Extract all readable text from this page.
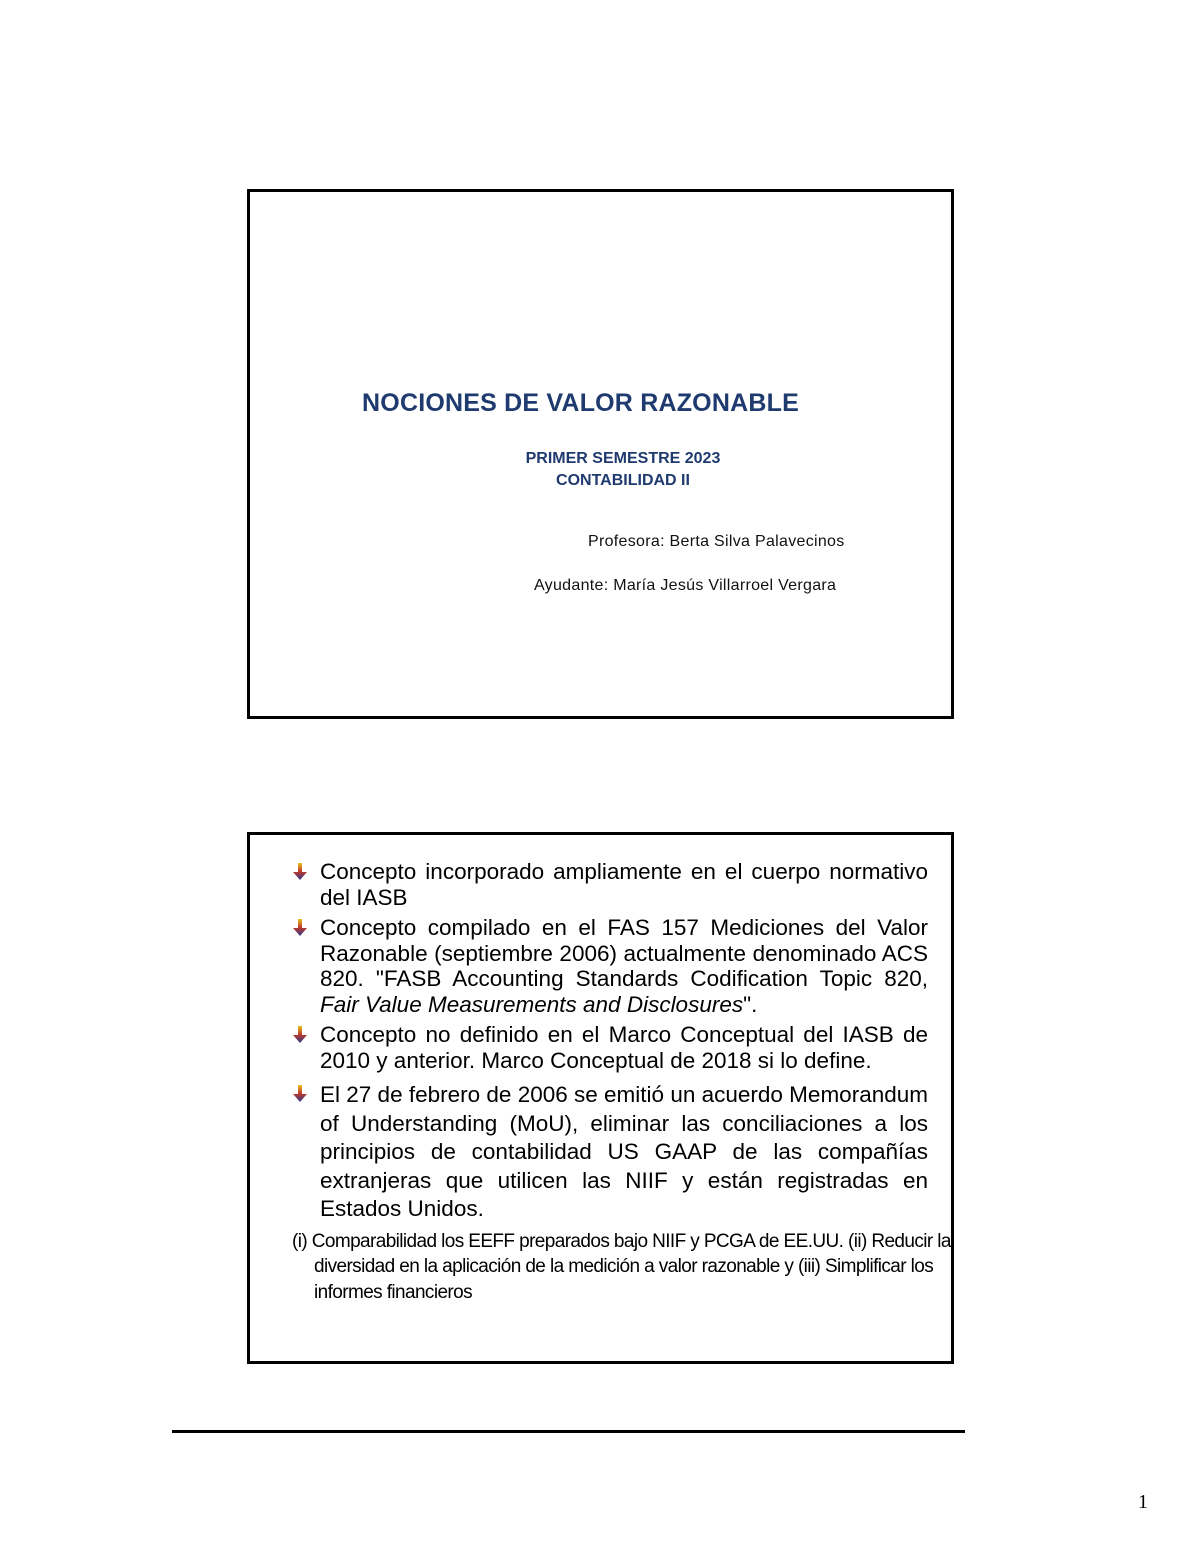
NOCIONES DE VALOR RAZONABLE
PRIMER SEMESTRE 2023
CONTABILIDAD II
Profesora: Berta Silva Palavecinos
Ayudante: María Jesús Villarroel Vergara
Concepto incorporado ampliamente en el cuerpo normativo del IASB
Concepto compilado en el FAS 157 Mediciones del Valor Razonable (septiembre 2006) actualmente denominado ACS 820. "FASB Accounting Standards Codification Topic 820, Fair Value Measurements and Disclosures".
Concepto no definido en el Marco Conceptual del IASB de 2010 y anterior. Marco Conceptual de 2018 si lo define.
El 27 de febrero de 2006 se emitió un acuerdo Memorandum of Understanding (MoU), eliminar las conciliaciones a los principios de contabilidad US GAAP de las compañías extranjeras que utilicen las NIIF y están registradas en Estados Unidos.
(i) Comparabilidad los EEFF preparados bajo NIIF y PCGA de EE.UU. (ii) Reducir la diversidad en la aplicación de la medición a valor razonable y (iii) Simplificar los informes financieros
1
